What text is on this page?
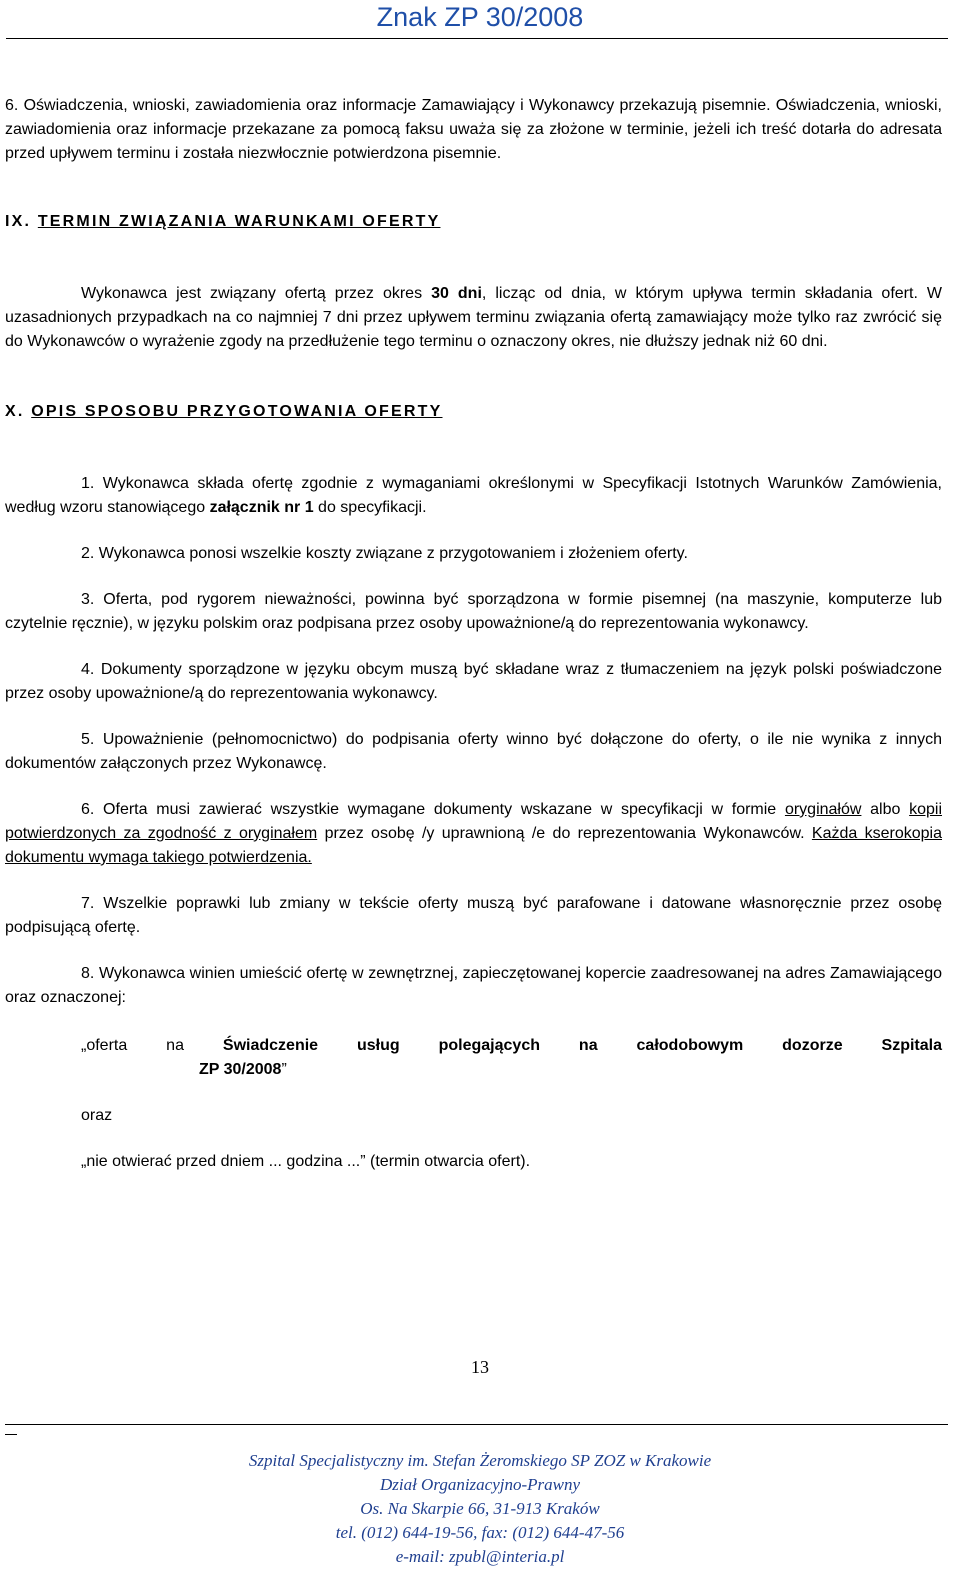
Znak ZP 30/2008

6. Oświadczenia, wnioski, zawiadomienia oraz informacje Zamawiający i Wykonawcy przekazują pisemnie. Oświadczenia, wnioski, zawiadomienia oraz informacje przekazane za pomocą faksu uważa się za złożone w terminie, jeżeli ich treść dotarła do adresata przed upływem terminu i została niezwłocznie potwierdzona pisemnie.

IX. TERMIN ZWIĄZANIA WARUNKAMI OFERTY

Wykonawca jest związany ofertą przez okres 30 dni, licząc od dnia, w którym upływa termin składania ofert. W uzasadnionych przypadkach na co najmniej 7 dni przez upływem terminu związania ofertą zamawiający może tylko raz zwrócić się do Wykonawców o wyrażenie zgody na przedłużenie tego terminu o oznaczony okres, nie dłuższy jednak niż 60 dni.

X. OPIS SPOSOBU PRZYGOTOWANIA OFERTY

1. Wykonawca składa ofertę zgodnie z wymaganiami określonymi w Specyfikacji Istotnych Warunków Zamówienia, według wzoru stanowiącego załącznik nr 1 do specyfikacji.

2. Wykonawca ponosi wszelkie koszty związane z przygotowaniem i złożeniem oferty.

3. Oferta, pod rygorem nieważności, powinna być sporządzona w formie pisemnej (na maszynie, komputerze lub czytelnie ręcznie), w języku polskim oraz podpisana przez osoby upoważnione/ą do reprezentowania wykonawcy.

4. Dokumenty sporządzone w języku obcym muszą być składane wraz z tłumaczeniem na język polski poświadczone przez osoby upoważnione/ą do reprezentowania wykonawcy.

5. Upoważnienie (pełnomocnictwo) do podpisania oferty winno być dołączone do oferty, o ile nie wynika z innych dokumentów załączonych przez Wykonawcę.

6. Oferta musi zawierać wszystkie wymagane dokumenty wskazane w specyfikacji w formie oryginałów albo kopii potwierdzonych za zgodność z oryginałem przez osobę /y uprawnioną /e do reprezentowania Wykonawców. Każda kserokopia dokumentu wymaga takiego potwierdzenia.

7. Wszelkie poprawki lub zmiany w tekście oferty muszą być parafowane i datowane własnoręcznie przez osobę podpisującą ofertę.

8. Wykonawca winien umieścić ofertę w zewnętrznej, zapieczętowanej kopercie zaadresowanej na adres Zamawiającego oraz oznaczonej:

„oferta na Świadczenie usług polegających na całodobowym dozorze Szpitala
ZP 30/2008”
oraz
„nie otwierać przed dniem ... godzina ...” (termin otwarcia ofert).
13
Szpital Specjalistyczny im. Stefan Żeromskiego SP ZOZ w Krakowie
Dział Organizacyjno-Prawny
Os. Na Skarpie 66, 31-913 Kraków
tel. (012) 644-19-56, fax: (012) 644-47-56
e-mail: zpubl@interia.pl
